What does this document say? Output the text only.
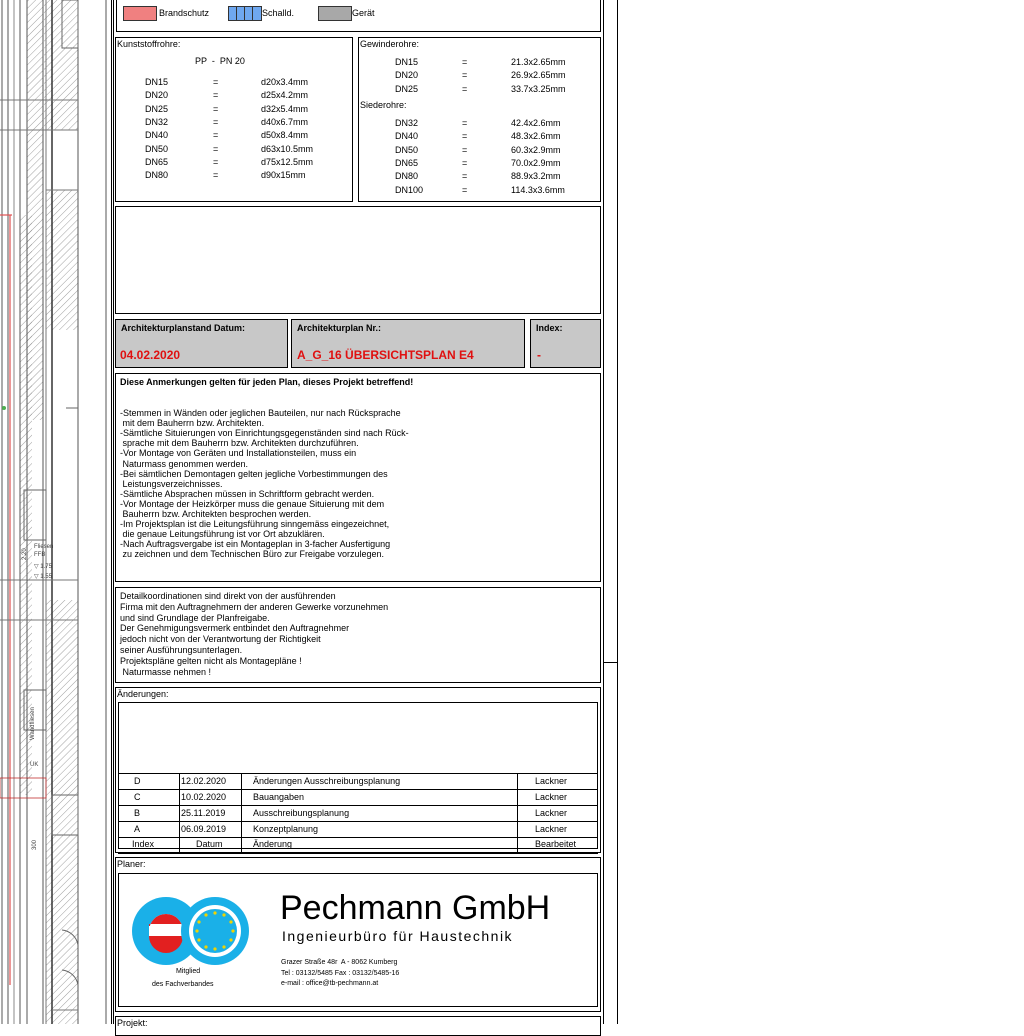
Wandfliesen
Fliesen
FFB
▽ 1.75
▽ 1.55
2.20
UK
300
Brandschutz	Schalld.	Gerät
Kunststoffrohre:
PP  -  PN 20
DN15	=	d20x3.4mm
DN20	=	d25x4.2mm
DN25	=	d32x5.4mm
DN32	=	d40x6.7mm
DN40	=	d50x8.4mm
DN50	=	d63x10.5mm
DN65	=	d75x12.5mm
DN80	=	d90x15mm
Gewinderohre:
DN15	=	21.3x2.65mm
DN20	=	26.9x2.65mm
DN25	=	33.7x3.25mm
Siederohre:
DN32	=	42.4x2.6mm
DN40	=	48.3x2.6mm
DN50	=	60.3x2.9mm
DN65	=	70.0x2.9mm
DN80	=	88.9x3.2mm
DN100	=	114.3x3.6mm
Architekturplanstand Datum:
04.02.2020
Architekturplan Nr.:
A_G_16 ÜBERSICHTSPLAN E4
Index:
-
Diese Anmerkungen gelten für jeden Plan, dieses Projekt betreffend!
-Stemmen in Wänden oder jeglichen Bauteilen, nur nach Rücksprache
mit dem Bauherrn bzw. Architekten.
-Sämtliche Situierungen von Einrichtungsgegenständen sind nach Rück-
sprache mit dem Bauherrn bzw. Architekten durchzuführen.
-Vor Montage von Geräten und Installationsteilen, muss ein
Naturmass genommen werden.
-Bei sämtlichen Demontagen gelten jegliche Vorbestimmungen des
Leistungsverzeichnisses.
-Sämtliche Absprachen müssen in Schriftform gebracht werden.
-Vor Montage der Heizkörper muss die genaue Situierung mit dem
Bauherrn bzw. Architekten besprochen werden.
-Im Projektsplan ist die Leitungsführung sinngemäss eingezeichnet,
die genaue Leitungsführung ist vor Ort abzuklären.
-Nach Auftragsvergabe ist ein Montageplan in 3-facher Ausfertigung
zu zeichnen und dem Technischen Büro zur Freigabe vorzulegen.
Detailkoordinationen sind direkt von der ausführenden
Firma mit den Auftragnehmern der anderen Gewerke vorzunehmen
und sind Grundlage der Planfreigabe.
Der Genehmigungsvermerk entbindet den Auftragnehmer
jedoch nicht von der Verantwortung der Richtigkeit
seiner Ausführungsunterlagen.
Projektspläne gelten nicht als Montagepläne !
Naturmasse nehmen !
Änderungen:
D	12.02.2020	Änderungen Ausschreibungsplanung	Lackner
C	10.02.2020	Bauangaben	Lackner
B	25.11.2019	Ausschreibungsplanung	Lackner
A	06.09.2019	Konzeptplanung	Lackner
Index	Datum	Änderung	Bearbeitet
Planer:
Mitglied
des Fachverbandes
Pechmann GmbH
Ingenieurbüro für Haustechnik
Grazer Straße 48r  A - 8062 Kumberg
Tel : 03132/5485 Fax : 03132/5485-16
e-mail : office@tb-pechmann.at
Projekt:
